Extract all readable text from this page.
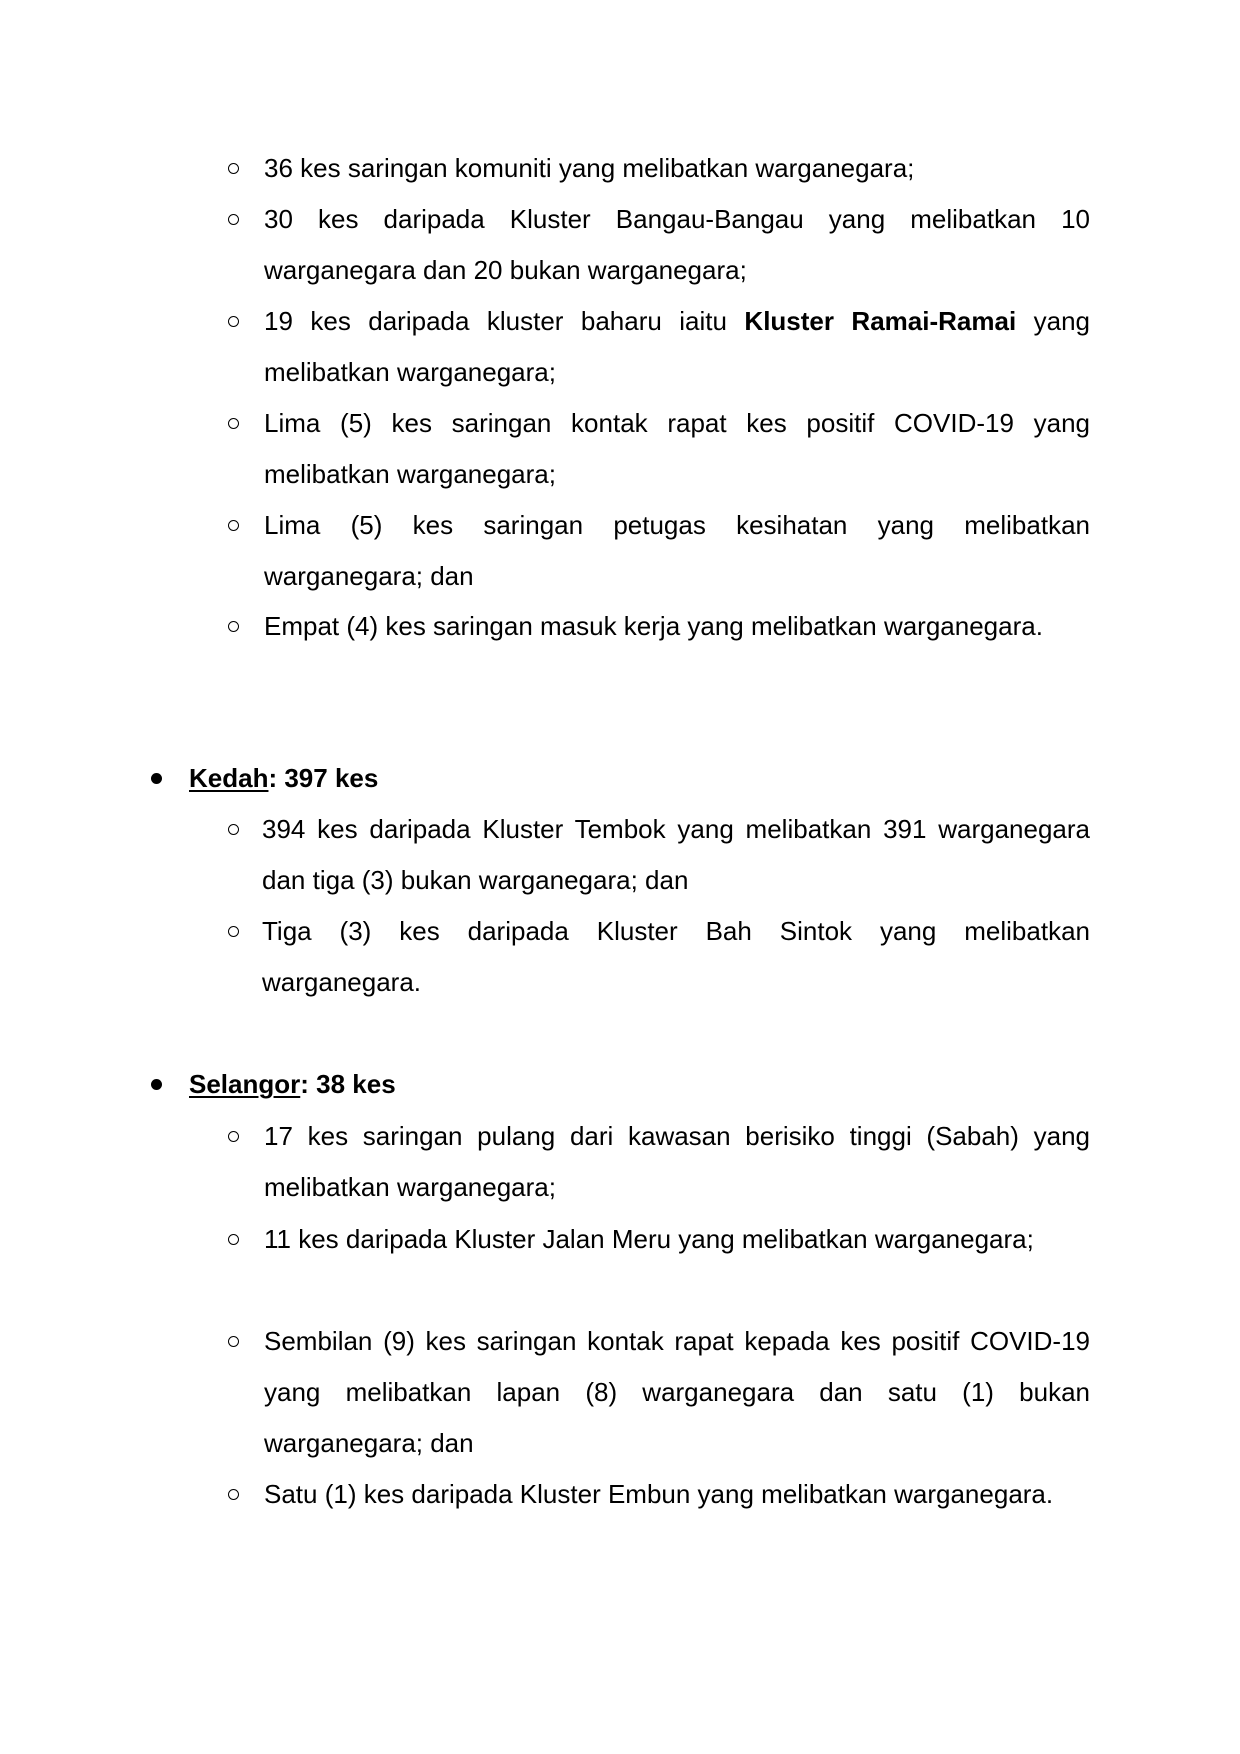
36 kes saringan komuniti yang melibatkan warganegara;
30 kes daripada Kluster Bangau-Bangau yang melibatkan 10 warganegara dan 20 bukan warganegara;
19 kes daripada kluster baharu iaitu Kluster Ramai-Ramai yang melibatkan warganegara;
Lima (5) kes saringan kontak rapat kes positif COVID-19 yang melibatkan warganegara;
Lima (5) kes saringan petugas kesihatan yang melibatkan warganegara; dan
Empat (4) kes saringan masuk kerja yang melibatkan warganegara.
Kedah: 397 kes
394 kes daripada Kluster Tembok yang melibatkan 391 warganegara dan tiga (3) bukan warganegara; dan
Tiga (3) kes daripada Kluster Bah Sintok yang melibatkan warganegara.
Selangor: 38 kes
17 kes saringan pulang dari kawasan berisiko tinggi (Sabah) yang melibatkan warganegara;
11 kes daripada Kluster Jalan Meru yang melibatkan warganegara;
Sembilan (9) kes saringan kontak rapat kepada kes positif COVID-19 yang melibatkan lapan (8) warganegara dan satu (1) bukan warganegara; dan
Satu (1) kes daripada Kluster Embun yang melibatkan warganegara.
